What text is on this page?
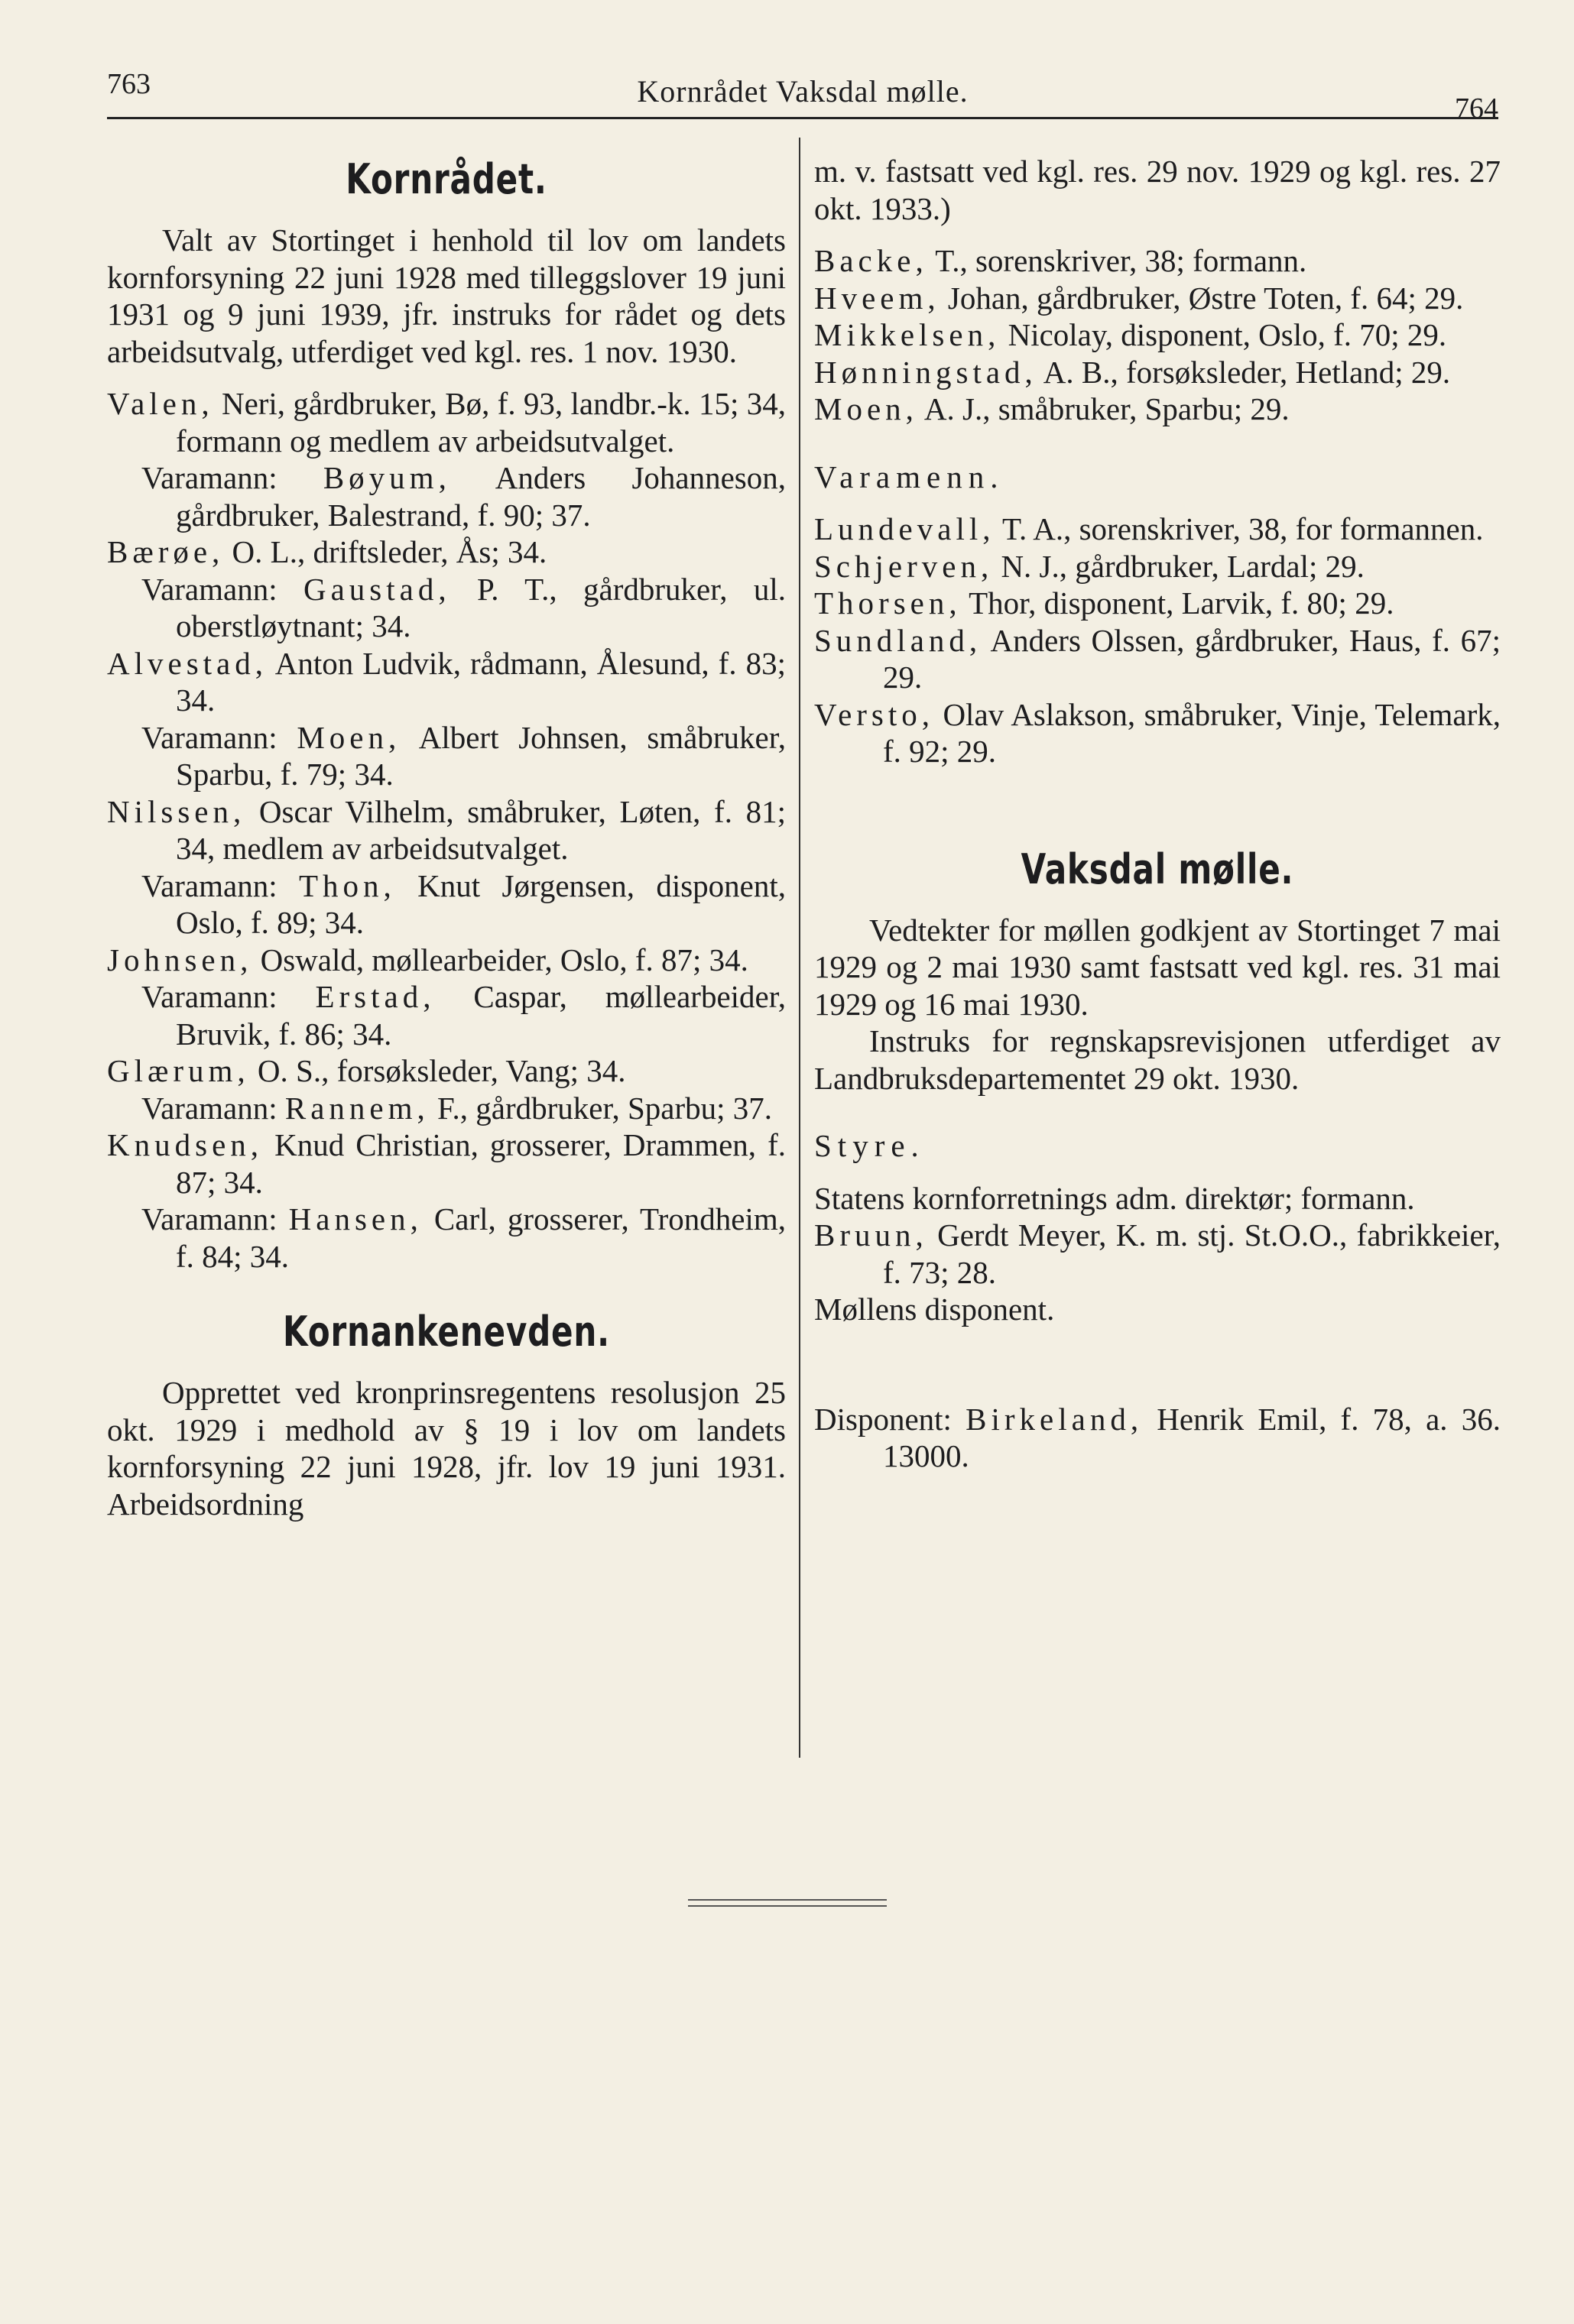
763	Kornrådet Vaksdal mølle.	764
Kornrådet.

Valt av Stortinget i henhold til lov om landets kornforsyning 22 juni 1928 med tilleggslover 19 juni 1931 og 9 juni 1939, jfr. instruks for rådet og dets arbeidsutvalg, utferdiget ved kgl. res. 1 nov. 1930.

Valen, Neri, gårdbruker, Bø, f. 93, landbr.-k. 15; 34, formann og medlem av arbeidsutvalget.

Varamann: Bøyum, Anders Johanneson, gårdbruker, Balestrand, f. 90; 37.

Bærøe, O. L., driftsleder, Ås; 34.

Varamann: Gaustad, P. T., gårdbruker, ul. oberstløytnant; 34.

Alvestad, Anton Ludvik, rådmann, Ålesund, f. 83; 34.

Varamann: Moen, Albert Johnsen, småbruker, Sparbu, f. 79; 34.

Nilssen, Oscar Vilhelm, småbruker, Løten, f. 81; 34, medlem av arbeidsutvalget.

Varamann: Thon, Knut Jørgensen, disponent, Oslo, f. 89; 34.

Johnsen, Oswald, møllearbeider, Oslo, f. 87; 34.

Varamann: Erstad, Caspar, møllearbeider, Bruvik, f. 86; 34.

Glærum, O. S., forsøksleder, Vang; 34.

Varamann: Rannem, F., gårdbruker, Sparbu; 37.

Knudsen, Knud Christian, grosserer, Drammen, f. 87; 34.

Varamann: Hansen, Carl, grosserer, Trondheim, f. 84; 34.

Kornankenevden.

Opprettet ved kronprinsregentens resolusjon 25 okt. 1929 i medhold av § 19 i lov om landets kornforsyning 22 juni 1928, jfr. lov 19 juni 1931. Arbeidsordning

m. v. fastsatt ved kgl. res. 29 nov. 1929 og kgl. res. 27 okt. 1933.)

Backe, T., sorenskriver, 38; formann.

Hveem, Johan, gårdbruker, Østre Toten, f. 64; 29.

Mikkelsen, Nicolay, disponent, Oslo, f. 70; 29.

Hønningstad, A. B., forsøksleder, Hetland; 29.

Moen, A. J., småbruker, Sparbu; 29.

Varamenn.

Lundevall, T. A., sorenskriver, 38, for formannen.

Schjerven, N. J., gårdbruker, Lardal; 29.

Thorsen, Thor, disponent, Larvik, f. 80; 29.

Sundland, Anders Olssen, gårdbruker, Haus, f. 67; 29.

Versto, Olav Aslakson, småbruker, Vinje, Telemark, f. 92; 29.

Vaksdal mølle.

Vedtekter for møllen godkjent av Stortinget 7 mai 1929 og 2 mai 1930 samt fastsatt ved kgl. res. 31 mai 1929 og 16 mai 1930.

Instruks for regnskapsrevisjonen utferdiget av Landbruksdepartementet 29 okt. 1930.

Styre.

Statens kornforretnings adm. direktør; formann.

Bruun, Gerdt Meyer, K. m. stj. St.O.O., fabrikkeier, f. 73; 28.

Møllens disponent.

Disponent: Birkeland, Henrik Emil, f. 78, a. 36. 13000.
